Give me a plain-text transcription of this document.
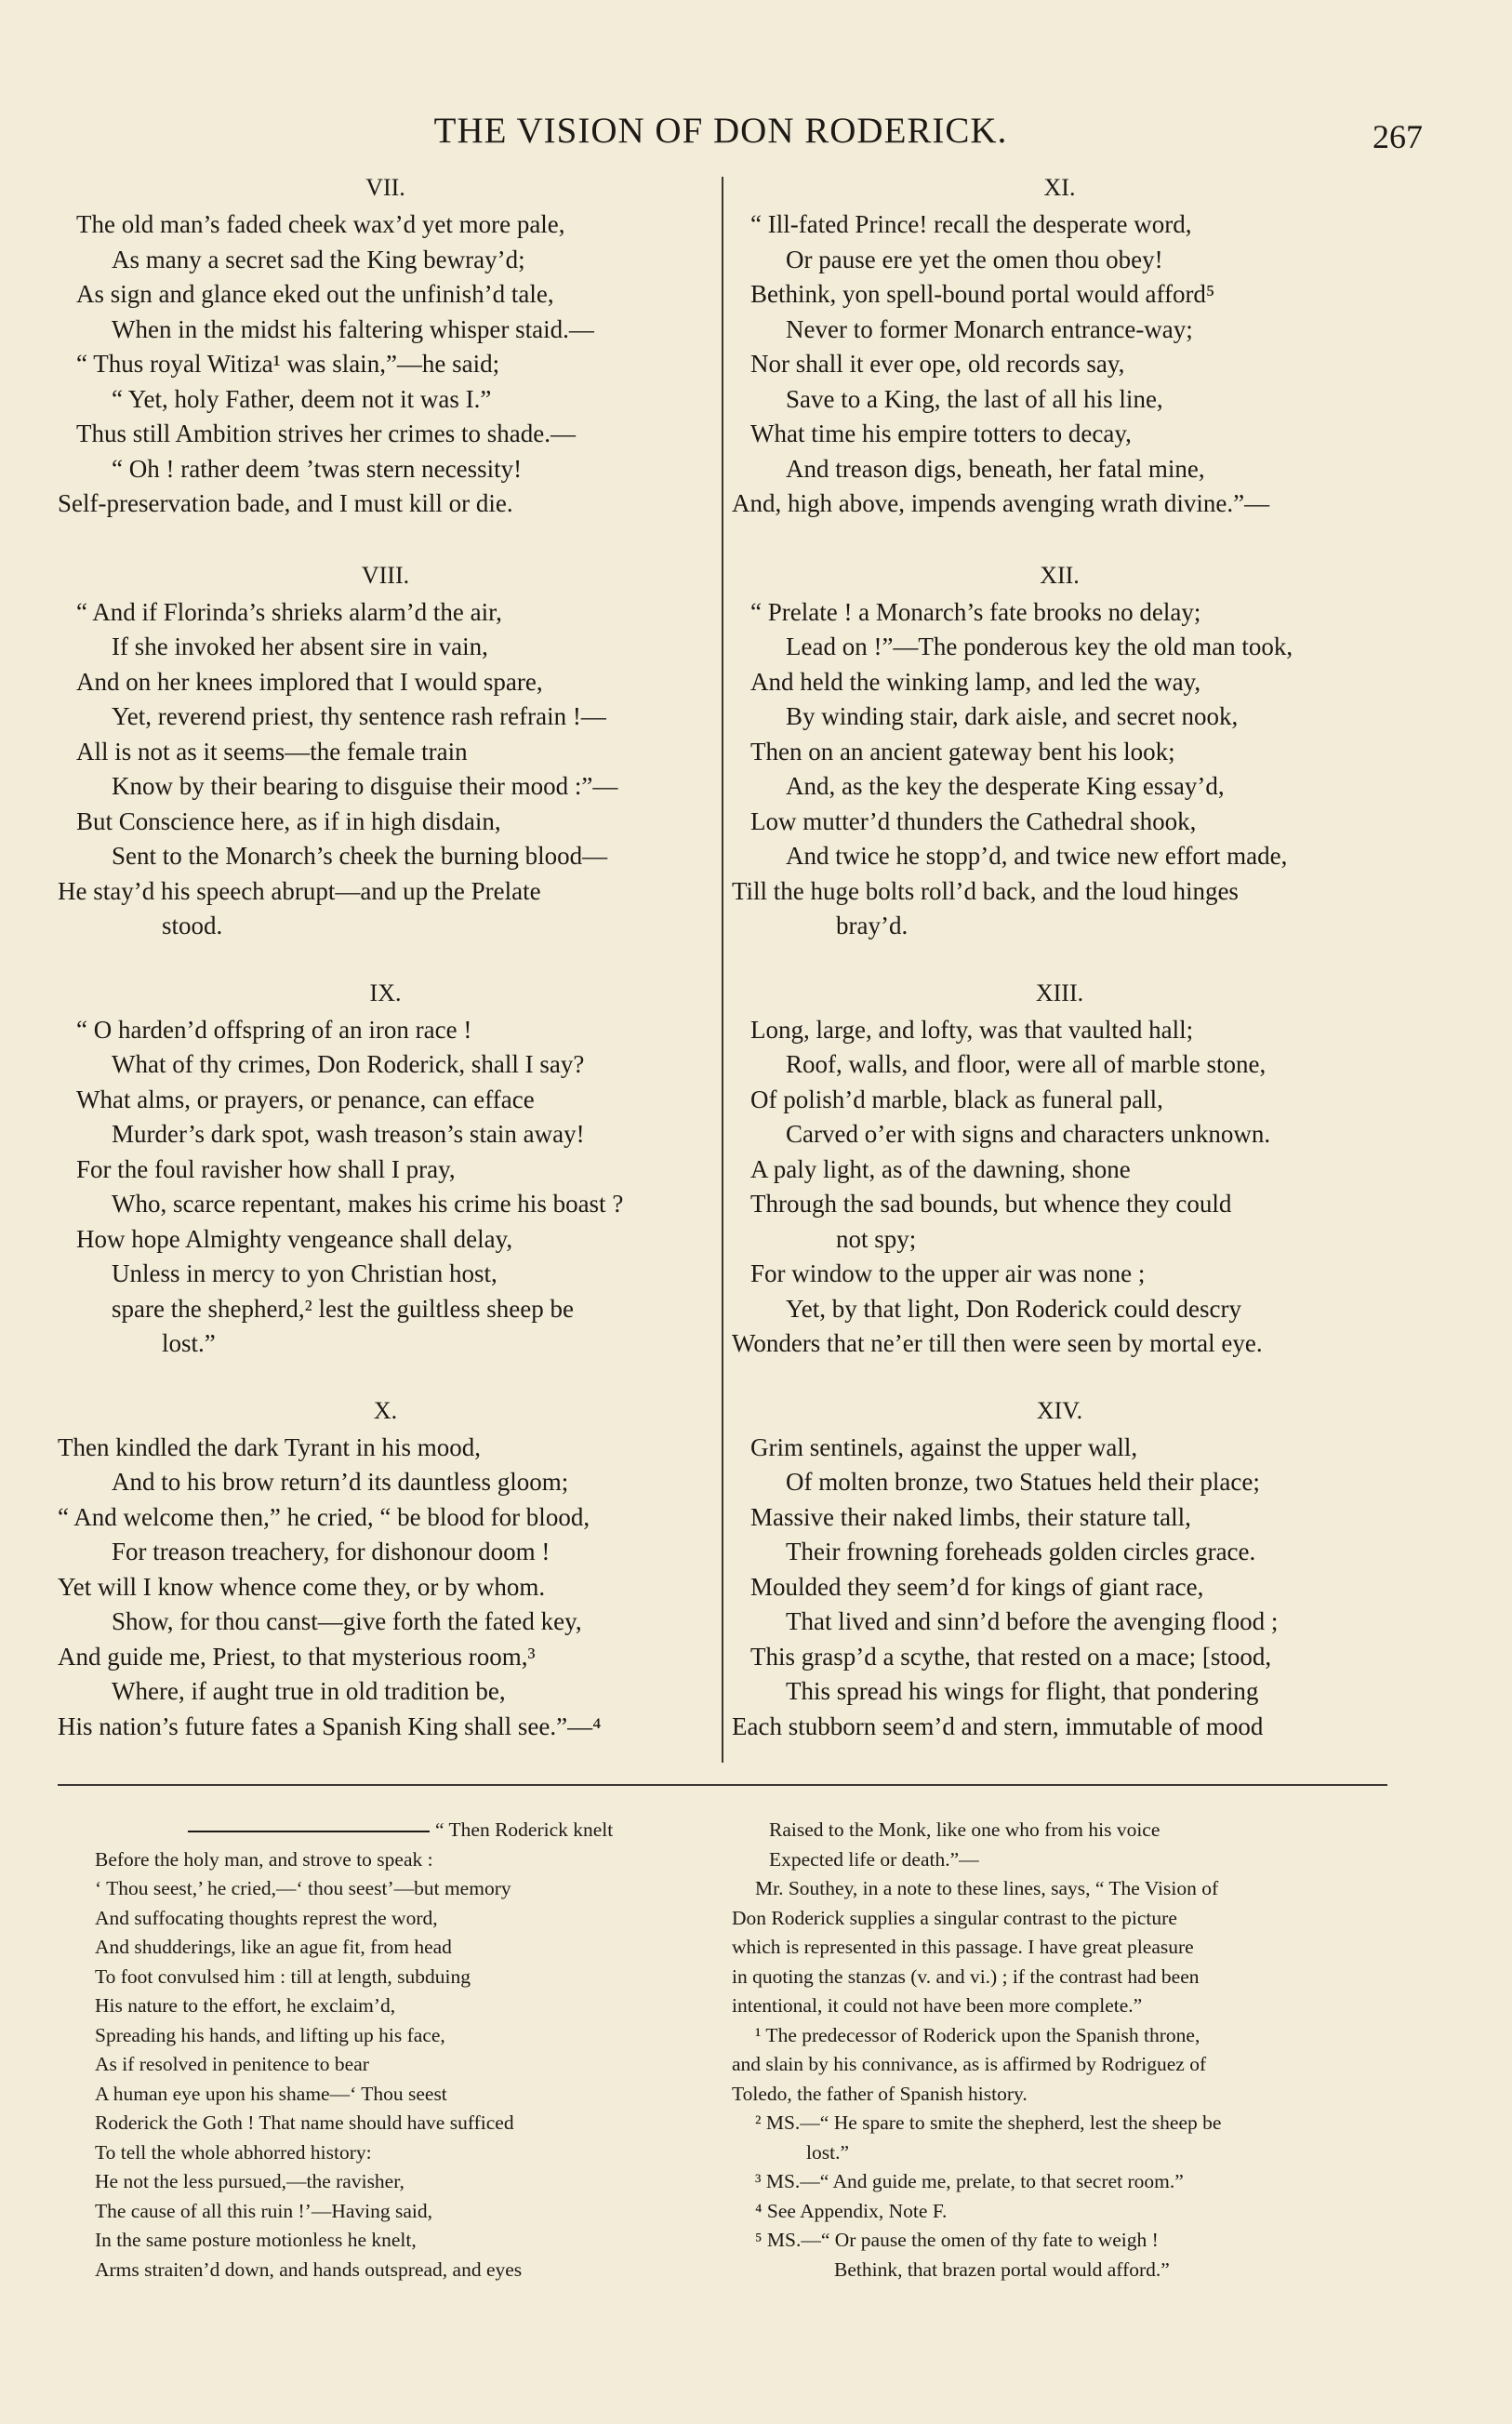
THE VISION OF DON RODERICK.	267
VII.
The old man’s faded cheek wax’d yet more pale,
As many a secret sad the King bewray’d;
As sign and glance eked out the unfinish’d tale,
When in the midst his faltering whisper staid.—
“ Thus royal Witiza¹ was slain,”—he said;
“ Yet, holy Father, deem not it was I.”
Thus still Ambition strives her crimes to shade.—
“ Oh ! rather deem ’twas stern necessity!
Self-preservation bade, and I must kill or die.
VIII.
“ And if Florinda’s shrieks alarm’d the air,
If she invoked her absent sire in vain,
And on her knees implored that I would spare,
Yet, reverend priest, thy sentence rash refrain !—
All is not as it seems—the female train
Know by their bearing to disguise their mood :”—
But Conscience here, as if in high disdain,
Sent to the Monarch’s cheek the burning blood—
He stay’d his speech abrupt—and up the Prelate
stood.
IX.
“ O harden’d offspring of an iron race !
What of thy crimes, Don Roderick, shall I say?
What alms, or prayers, or penance, can efface
Murder’s dark spot, wash treason’s stain away!
For the foul ravisher how shall I pray,
Who, scarce repentant, makes his crime his boast ?
How hope Almighty vengeance shall delay,
Unless in mercy to yon Christian host,
spare the shepherd,² lest the guiltless sheep be
lost.”
X.
Then kindled the dark Tyrant in his mood,
And to his brow return’d its dauntless gloom;
“ And welcome then,” he cried, “ be blood for blood,
For treason treachery, for dishonour doom !
Yet will I know whence come they, or by whom.
Show, for thou canst—give forth the fated key,
And guide me, Priest, to that mysterious room,³
Where, if aught true in old tradition be,
His nation’s future fates a Spanish King shall see.”—⁴
XI.
“ Ill-fated Prince! recall the desperate word,
Or pause ere yet the omen thou obey!
Bethink, yon spell-bound portal would afford⁵
Never to former Monarch entrance-way;
Nor shall it ever ope, old records say,
Save to a King, the last of all his line,
What time his empire totters to decay,
And treason digs, beneath, her fatal mine,
And, high above, impends avenging wrath divine.”—
XII.
“ Prelate ! a Monarch’s fate brooks no delay;
Lead on !”—The ponderous key the old man took,
And held the winking lamp, and led the way,
By winding stair, dark aisle, and secret nook,
Then on an ancient gateway bent his look;
And, as the key the desperate King essay’d,
Low mutter’d thunders the Cathedral shook,
And twice he stopp’d, and twice new effort made,
Till the huge bolts roll’d back, and the loud hinges
bray’d.
XIII.
Long, large, and lofty, was that vaulted hall;
Roof, walls, and floor, were all of marble stone,
Of polish’d marble, black as funeral pall,
Carved o’er with signs and characters unknown.
A paly light, as of the dawning, shone
Through the sad bounds, but whence they could
not spy;
For window to the upper air was none ;
Yet, by that light, Don Roderick could descry
Wonders that ne’er till then were seen by mortal eye.
XIV.
Grim sentinels, against the upper wall,
Of molten bronze, two Statues held their place;
Massive their naked limbs, their stature tall,
Their frowning foreheads golden circles grace.
Moulded they seem’d for kings of giant race,
That lived and sinn’d before the avenging flood ;
This grasp’d a scythe, that rested on a mace; [stood,
This spread his wings for flight, that pondering
Each stubborn seem’d and stern, immutable of mood
“ Then Roderick knelt
Before the holy man, and strove to speak :
‘ Thou seest,’ he cried,—‘ thou seest’—but memory
And suffocating thoughts represt the word,
And shudderings, like an ague fit, from head
To foot convulsed him : till at length, subduing
His nature to the effort, he exclaim’d,
Spreading his hands, and lifting up his face,
As if resolved in penitence to bear
A human eye upon his shame—‘ Thou seest
Roderick the Goth ! That name should have sufficed
To tell the whole abhorred history:
He not the less pursued,—the ravisher,
The cause of all this ruin !’—Having said,
In the same posture motionless he knelt,
Arms straiten’d down, and hands outspread, and eyes
Raised to the Monk, like one who from his voice
Expected life or death.”—
Mr. Southey, in a note to these lines, says, “ The Vision of
Don Roderick supplies a singular contrast to the picture
which is represented in this passage. I have great pleasure
in quoting the stanzas (v. and vi.) ; if the contrast had been
intentional, it could not have been more complete.”
¹ The predecessor of Roderick upon the Spanish throne,
and slain by his connivance, as is affirmed by Rodriguez of
Toledo, the father of Spanish history.
² MS.—“ He spare to smite the shepherd, lest the sheep be
lost.”
³ MS.—“ And guide me, prelate, to that secret room.”
⁴ See Appendix, Note F.
⁵ MS.—“ Or pause the omen of thy fate to weigh !
Bethink, that brazen portal would afford.”
